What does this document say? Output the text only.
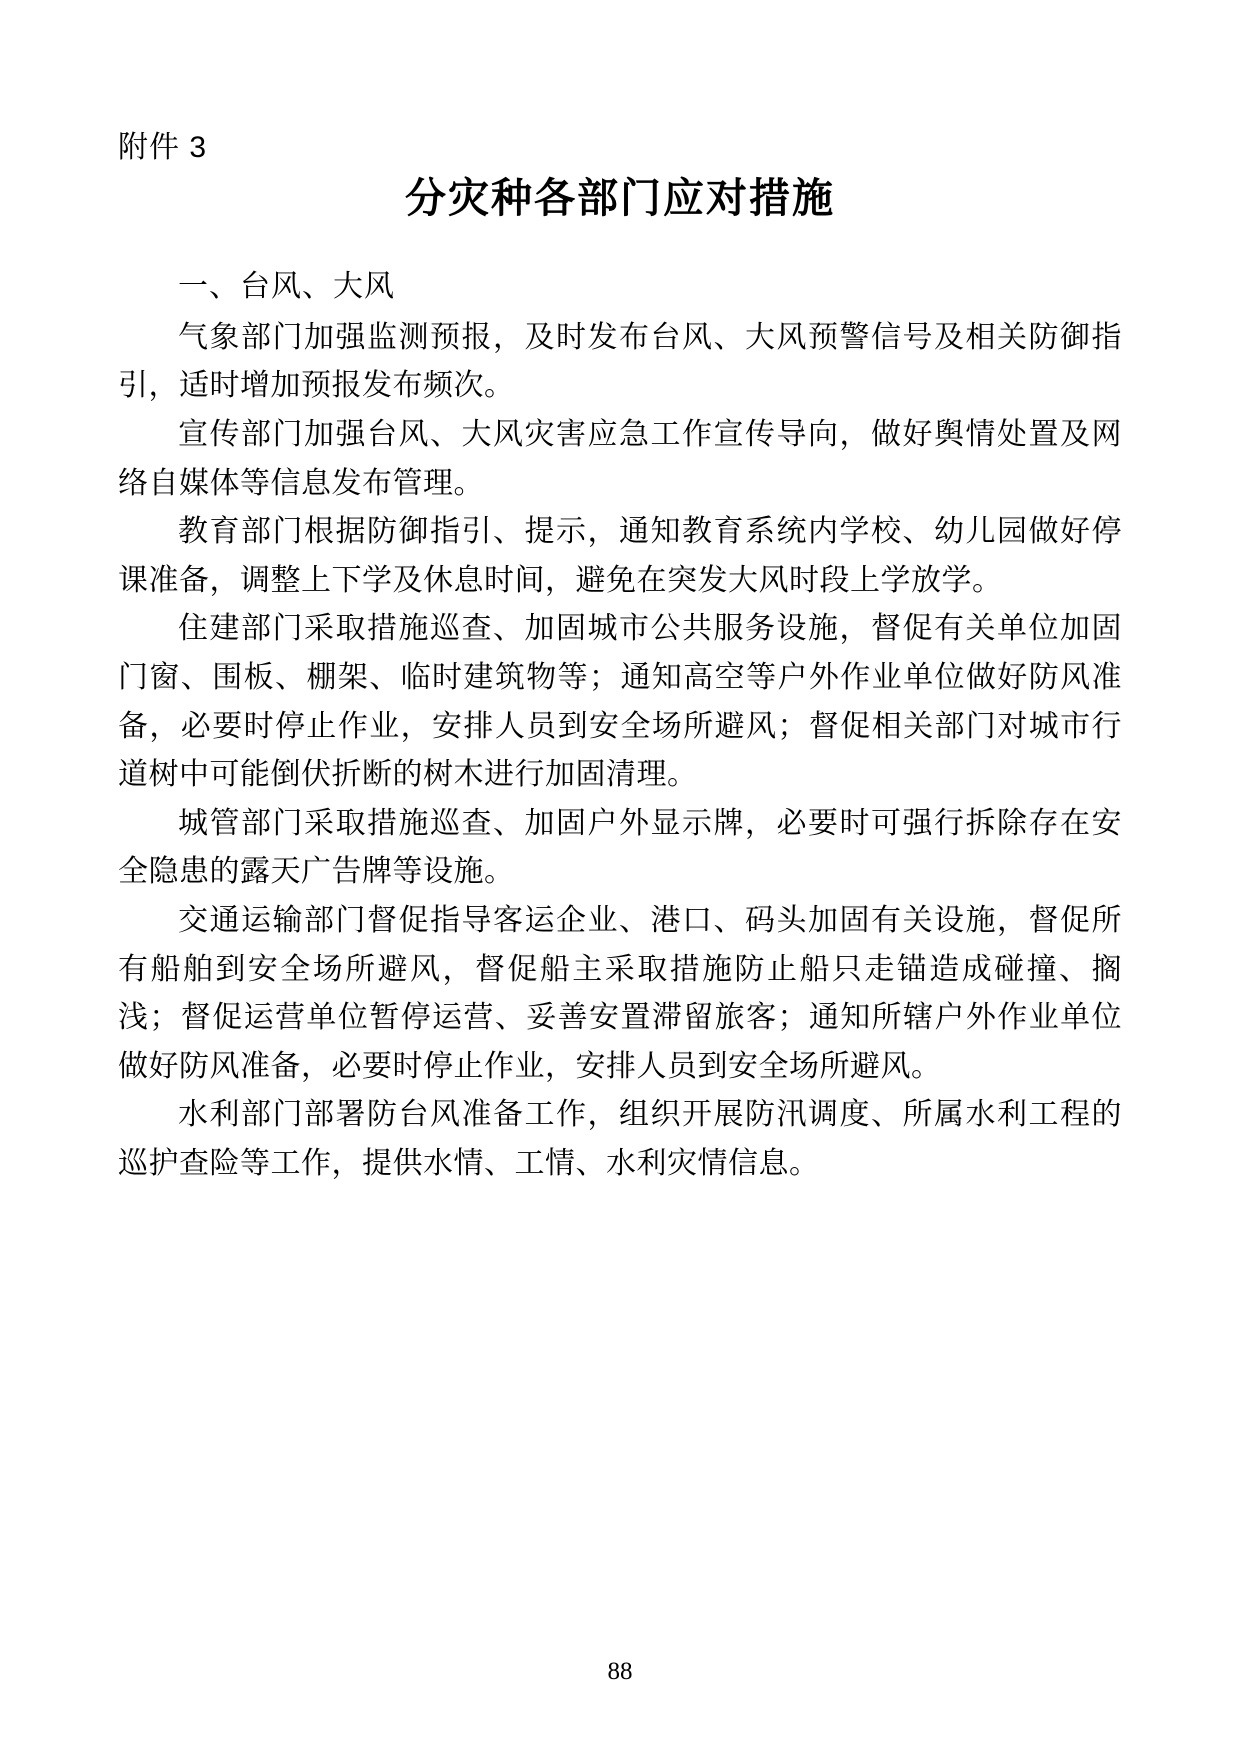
附件 3
分灾种各部门应对措施
一、台风、大风

气象部门加强监测预报，及时发布台风、大风预警信号及相关防御指引，适时增加预报发布频次。

宣传部门加强台风、大风灾害应急工作宣传导向，做好舆情处置及网络自媒体等信息发布管理。

教育部门根据防御指引、提示，通知教育系统内学校、幼儿园做好停课准备，调整上下学及休息时间，避免在突发大风时段上学放学。

住建部门采取措施巡查、加固城市公共服务设施，督促有关单位加固门窗、围板、棚架、临时建筑物等；通知高空等户外作业单位做好防风准备，必要时停止作业，安排人员到安全场所避风；督促相关部门对城市行道树中可能倒伏折断的树木进行加固清理。

城管部门采取措施巡查、加固户外显示牌，必要时可强行拆除存在安全隐患的露天广告牌等设施。

交通运输部门督促指导客运企业、港口、码头加固有关设施，督促所有船舶到安全场所避风，督促船主采取措施防止船只走锚造成碰撞、搁浅；督促运营单位暂停运营、妥善安置滞留旅客；通知所辖户外作业单位做好防风准备，必要时停止作业，安排人员到安全场所避风。

水利部门部署防台风准备工作，组织开展防汛调度、所属水利工程的巡护查险等工作，提供水情、工情、水利灾情信息。

88
